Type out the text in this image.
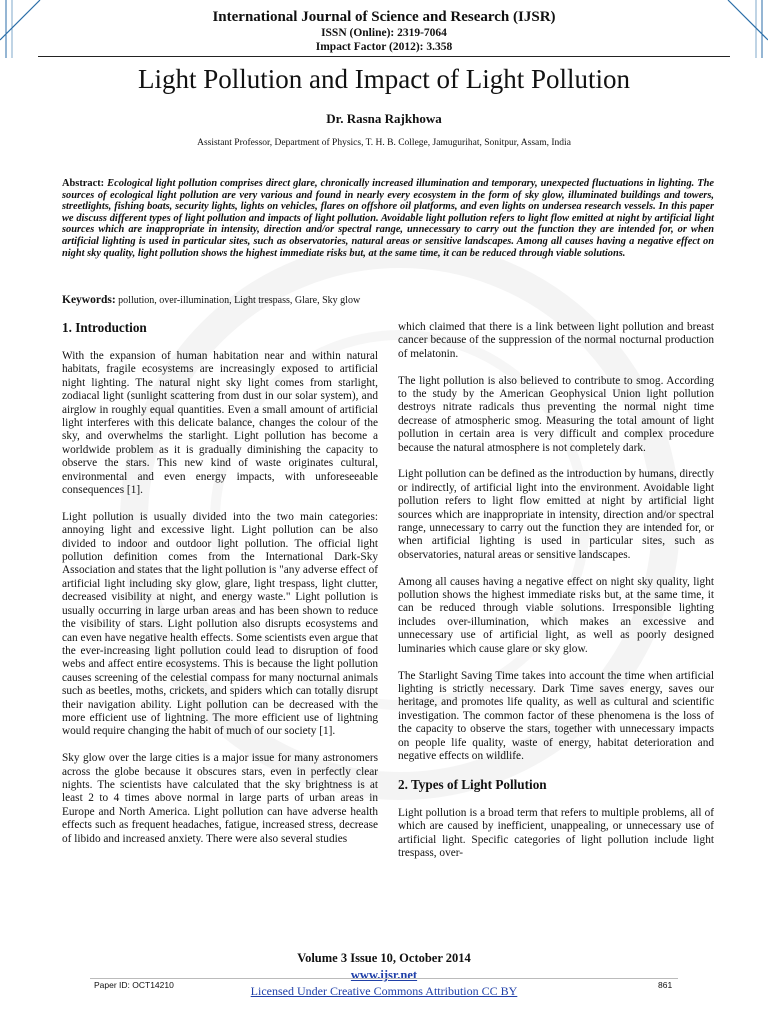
International Journal of Science and Research (IJSR)
ISSN (Online): 2319-7064
Impact Factor (2012): 3.358
Light Pollution and Impact of Light Pollution
Dr. Rasna Rajkhowa
Assistant Professor, Department of Physics, T. H. B. College, Jamugurihat, Sonitpur, Assam, India
Abstract: Ecological light pollution comprises direct glare, chronically increased illumination and temporary, unexpected fluctuations in lighting. The sources of ecological light pollution are very various and found in nearly every ecosystem in the form of sky glow, illuminated buildings and towers, streetlights, fishing boats, security lights, lights on vehicles, flares on offshore oil platforms, and even lights on undersea research vessels. In this paper we discuss different types of light pollution and impacts of light pollution. Avoidable light pollution refers to light flow emitted at night by artificial light sources which are inappropriate in intensity, direction and/or spectral range, unnecessary to carry out the function they are intended for, or when artificial lighting is used in particular sites, such as observatories, natural areas or sensitive landscapes. Among all causes having a negative effect on night sky quality, light pollution shows the highest immediate risks but, at the same time, it can be reduced through viable solutions.
Keywords: pollution, over-illumination, Light trespass, Glare, Sky glow
1. Introduction

With the expansion of human habitation near and within natural habitats, fragile ecosystems are increasingly exposed to artificial night lighting. The natural night sky light comes from starlight, zodiacal light (sunlight scattering from dust in our solar system), and airglow in roughly equal quantities. Even a small amount of artificial light interferes with this delicate balance, changes the colour of the sky, and overwhelms the starlight. Light pollution has become a worldwide problem as it is gradually diminishing the capacity to observe the stars. This new kind of waste originates cultural, environmental and even energy impacts, with unforeseeable consequences [1].

Light pollution is usually divided into the two main categories: annoying light and excessive light. Light pollution can be also divided to indoor and outdoor light pollution. The official light pollution definition comes from the International Dark-Sky Association and states that the light pollution is "any adverse effect of artificial light including sky glow, glare, light trespass, light clutter, decreased visibility at night, and energy waste." Light pollution is usually occurring in large urban areas and has been shown to reduce the visibility of stars. Light pollution also disrupts ecosystems and can even have negative health effects. Some scientists even argue that the ever-increasing light pollution could lead to disruption of food webs and affect entire ecosystems. This is because the light pollution causes screening of the celestial compass for many nocturnal animals such as beetles, moths, crickets, and spiders which can totally disrupt their navigation ability. Light pollution can be decreased with the more efficient use of lightning. The more efficient use of lightning would require changing the habit of much of our society [1].

Sky glow over the large cities is a major issue for many astronomers across the globe because it obscures stars, even in perfectly clear nights. The scientists have calculated that the sky brightness is at least 2 to 4 times above normal in large parts of urban areas in Europe and North America. Light pollution can have adverse health effects such as frequent headaches, fatigue, increased stress, decrease of libido and increased anxiety. There were also several studies

which claimed that there is a link between light pollution and breast cancer because of the suppression of the normal nocturnal production of melatonin.

The light pollution is also believed to contribute to smog. According to the study by the American Geophysical Union light pollution destroys nitrate radicals thus preventing the normal night time decrease of atmospheric smog. Measuring the total amount of light pollution in certain area is very difficult and complex procedure because the natural atmosphere is not completely dark.

Light pollution can be defined as the introduction by humans, directly or indirectly, of artificial light into the environment. Avoidable light pollution refers to light flow emitted at night by artificial light sources which are inappropriate in intensity, direction and/or spectral range, unnecessary to carry out the function they are intended for, or when artificial lighting is used in particular sites, such as observatories, natural areas or sensitive landscapes.

Among all causes having a negative effect on night sky quality, light pollution shows the highest immediate risks but, at the same time, it can be reduced through viable solutions. Irresponsible lighting includes over-illumination, which makes an excessive and unnecessary use of artificial light, as well as poorly designed luminaries which cause glare or sky glow.

The Starlight Saving Time takes into account the time when artificial lighting is strictly necessary. Dark Time saves energy, saves our heritage, and promotes life quality, as well as cultural and scientific investigation. The common factor of these phenomena is the loss of the capacity to observe the stars, together with unnecessary impacts on people life quality, waste of energy, habitat deterioration and negative effects on wildlife.

2. Types of Light Pollution

Light pollution is a broad term that refers to multiple problems, all of which are caused by inefficient, unappealing, or unnecessary use of artificial light. Specific categories of light pollution include light trespass, over-

Volume 3 Issue 10, October 2014
www.ijsr.net
Paper ID: OCT14210	861
Licensed Under Creative Commons Attribution CC BY
